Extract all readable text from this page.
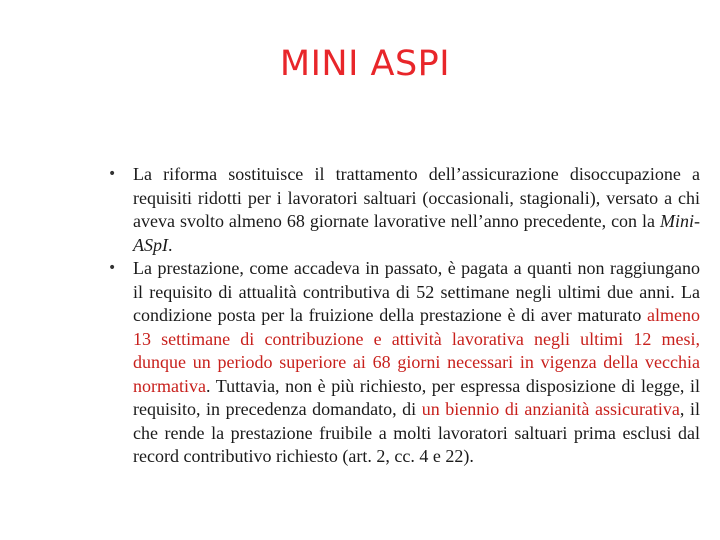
MINI ASPI
• La riforma sostituisce il trattamento dell’assicurazione disoccupazione a requisiti ridotti per i lavoratori saltuari (occasionali, stagionali), versato a chi aveva svolto almeno 68 giornate lavorative nell’anno precedente, con la Mini-ASpI.
• La prestazione, come accadeva in passato, è pagata a quanti non raggiungano il requisito di attualità contributiva di 52 settimane negli ultimi due anni. La condizione posta per la fruizione della prestazione è di aver maturato almeno 13 settimane di contribuzione e attività lavorativa negli ultimi 12 mesi, dunque un periodo superiore ai 68 giorni necessari in vigenza della vecchia normativa. Tuttavia, non è più richiesto, per espressa disposizione di legge, il requisito, in precedenza domandato, di un biennio di anzianità assicurativa, il che rende la prestazione fruibile a molti lavoratori saltuari prima esclusi dal record contributivo richiesto (art. 2, cc. 4 e 22).
